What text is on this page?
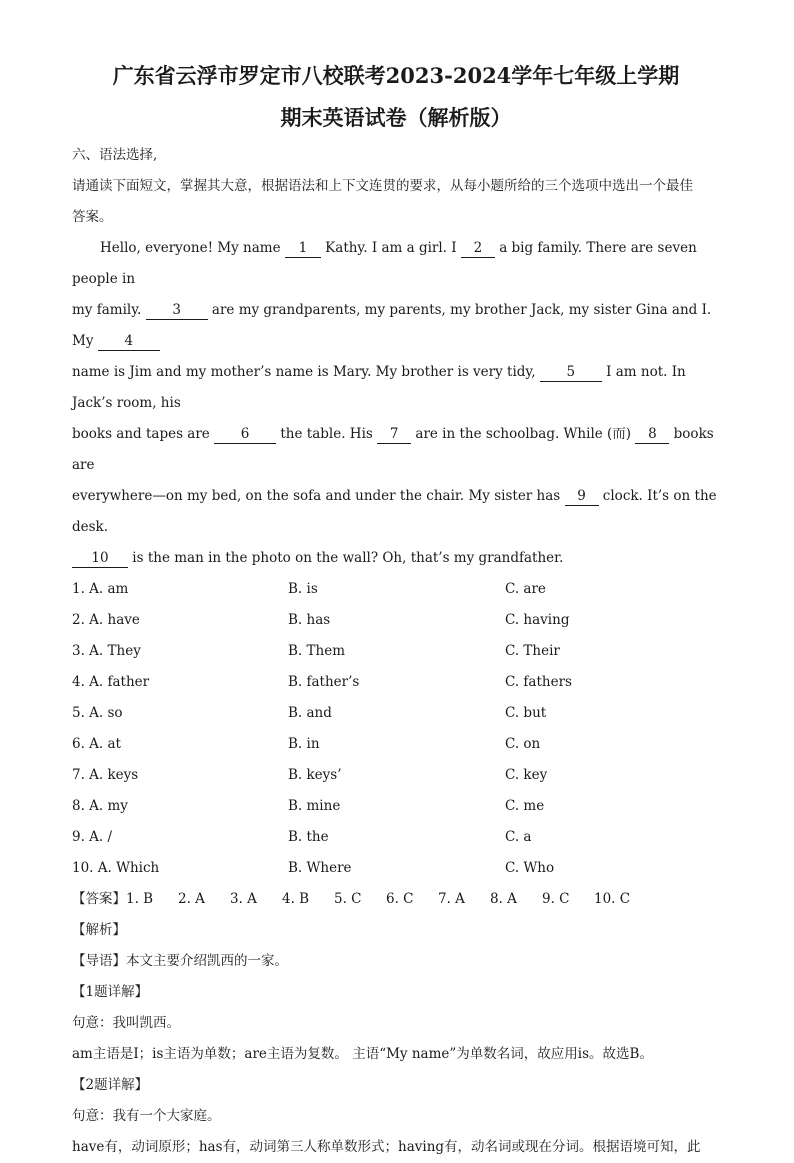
广东省云浮市罗定市八校联考2023-2024学年七年级上学期

期末英语试卷（解析版）

六、语法选择,

请通读下面短文，掌握其大意，根据语法和上下文连贯的要求，从每小题所给的三个选项中选出一个最佳

答案。

Hello, everyone! My name 1 Kathy. I am a girl. I 2 a big family. There are seven people in

my family. 3 are my grandparents, my parents, my brother Jack, my sister Gina and I. My 4

name is Jim and my mother’s name is Mary. My brother is very tidy, 5 I am not. In Jack’s room, his

books and tapes are 6 the table. His 7 are in the schoolbag. While (而) 8 books are

everywhere—on my bed, on the sofa and under the chair. My sister has 9 clock. It’s on the desk.

10 is the man in the photo on the wall? Oh, that’s my grandfather.

1. A. am	B. is	C. are
2. A. have	B. has	C. having
3. A. They	B. Them	C. Their
4. A. father	B. father’s	C. fathers
5. A. so	B. and	C. but
6. A. at	B. in	C. on
7. A. keys	B. keys’	C. key
8. A. my	B. mine	C. me
9. A. /	B. the	C. a
10. A. Which	B. Where	C. Who
【答案】 1. B	2. A	3. A	4. B	5. C	6. C	7. A	8. A	9. C	10. C

【解析】

【导语】本文主要介绍凯西的一家。

【1题详解】

句意：我叫凯西。

am主语是I；is主语为单数；are主语为复数。 主语“My name”为单数名词，故应用is。故选B。

【2题详解】

句意：我有一个大家庭。

have有，动词原形；has有，动词第三人称单数形式；having有，动名词或现在分词。根据语境可知，此
